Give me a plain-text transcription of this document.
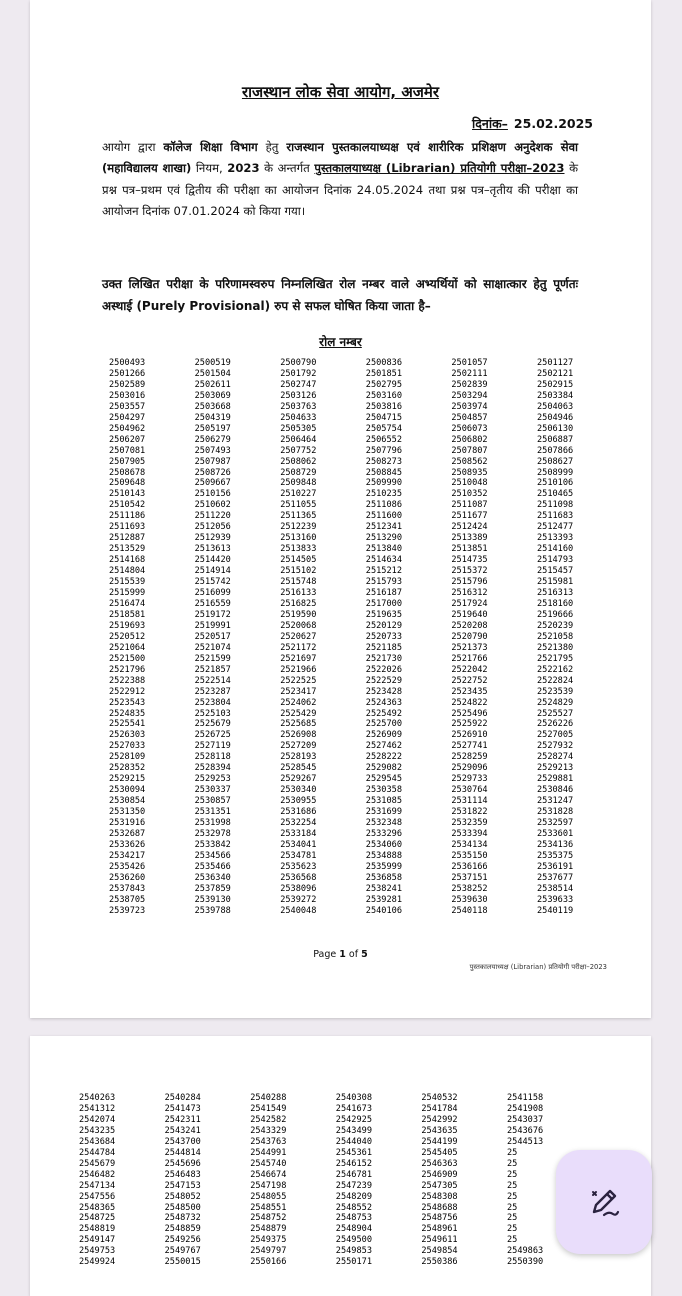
राजस्थान लोक सेवा आयोग, अजमेर
दिनांक– 25.02.2025
आयोग द्वारा कॉलेज शिक्षा विभाग हेतु राजस्थान पुस्तकालयाध्यक्ष एवं शारीरिक प्रशिक्षण अनुदेशक सेवा (महाविद्यालय शाखा) नियम, 2023 के अन्तर्गत पुस्तकालयाध्यक्ष (Librarian) प्रतियोगी परीक्षा–2023 के प्रश्न पत्र–प्रथम एवं द्वितीय की परीक्षा का आयोजन दिनांक 24.05.2024 तथा प्रश्न पत्र–तृतीय की परीक्षा का आयोजन दिनांक 07.01.2024 को किया गया।
उक्त लिखित परीक्षा के परिणामस्वरुप निम्नलिखित रोल नम्बर वाले अभ्यर्थियों को साक्षात्कार हेतु पूर्णतः अस्थाई (Purely Provisional) रुप से सफल घोषित किया जाता है–
रोल नम्बर
2500493	2500519	2500790	2500836	2501057	2501127
2501266	2501504	2501792	2501851	2502111	2502121
2502589	2502611	2502747	2502795	2502839	2502915
2503016	2503069	2503126	2503160	2503294	2503384
2503557	2503668	2503763	2503816	2503974	2504063
2504297	2504319	2504633	2504715	2504857	2504946
2504962	2505197	2505305	2505754	2506073	2506130
2506207	2506279	2506464	2506552	2506802	2506887
2507081	2507493	2507752	2507796	2507807	2507866
2507905	2507987	2508062	2508273	2508562	2508627
2508678	2508726	2508729	2508845	2508935	2508999
2509648	2509667	2509848	2509990	2510048	2510106
2510143	2510156	2510227	2510235	2510352	2510465
2510542	2510602	2511055	2511086	2511087	2511098
2511186	2511220	2511365	2511600	2511677	2511683
2511693	2512056	2512239	2512341	2512424	2512477
2512887	2512939	2513160	2513290	2513389	2513393
2513529	2513613	2513833	2513840	2513851	2514160
2514168	2514420	2514505	2514634	2514735	2514793
2514804	2514914	2515102	2515212	2515372	2515457
2515539	2515742	2515748	2515793	2515796	2515981
2515999	2516099	2516133	2516187	2516312	2516313
2516474	2516559	2516825	2517000	2517924	2518160
2518581	2519172	2519590	2519635	2519640	2519666
2519693	2519991	2520068	2520129	2520208	2520239
2520512	2520517	2520627	2520733	2520790	2521058
2521064	2521074	2521172	2521185	2521373	2521380
2521500	2521599	2521697	2521730	2521766	2521795
2521796	2521857	2521966	2522026	2522042	2522162
2522388	2522514	2522525	2522529	2522752	2522824
2522912	2523287	2523417	2523428	2523435	2523539
2523543	2523804	2524062	2524363	2524822	2524829
2524835	2525103	2525429	2525492	2525496	2525527
2525541	2525679	2525685	2525700	2525922	2526226
2526303	2526725	2526908	2526909	2526910	2527005
2527033	2527119	2527209	2527462	2527741	2527932
2528109	2528118	2528193	2528222	2528259	2528274
2528352	2528394	2528545	2529082	2529096	2529213
2529215	2529253	2529267	2529545	2529733	2529881
2530094	2530337	2530340	2530358	2530764	2530846
2530854	2530857	2530955	2531085	2531114	2531247
2531350	2531351	2531686	2531699	2531822	2531828
2531916	2531998	2532254	2532348	2532359	2532597
2532687	2532978	2533184	2533296	2533394	2533601
2533626	2533842	2534041	2534060	2534134	2534136
2534217	2534566	2534781	2534888	2535150	2535375
2535426	2535466	2535623	2535999	2536166	2536191
2536260	2536340	2536568	2536858	2537151	2537677
2537843	2537859	2538096	2538241	2538252	2538514
2538705	2539130	2539272	2539281	2539630	2539633
2539723	2539788	2540048	2540106	2540118	2540119
Page 1 of 5
पुस्तकालयाध्यक्ष (Librarian) प्रतियोगी परीक्षा–2023
2540263	2540284	2540288	2540308	2540532	2541158
2541312	2541473	2541549	2541673	2541784	2541908
2542074	2542311	2542582	2542925	2542992	2543037
2543235	2543241	2543329	2543499	2543635	2543676
2543684	2543700	2543763	2544040	2544199	2544513
2544784	2544814	2544991	2545361	2545405	25
2545679	2545696	2545740	2546152	2546363	25
2546482	2546483	2546674	2546781	2546909	25
2547134	2547153	2547198	2547239	2547305	25
2547556	2548052	2548055	2548209	2548308	25
2548365	2548500	2548551	2548552	2548688	25
2548725	2548732	2548752	2548753	2548756	25
2548819	2548859	2548879	2548904	2548961	25
2549147	2549256	2549375	2549500	2549611	25
2549753	2549767	2549797	2549853	2549854	2549863
2549924	2550015	2550166	2550171	2550386	2550390
